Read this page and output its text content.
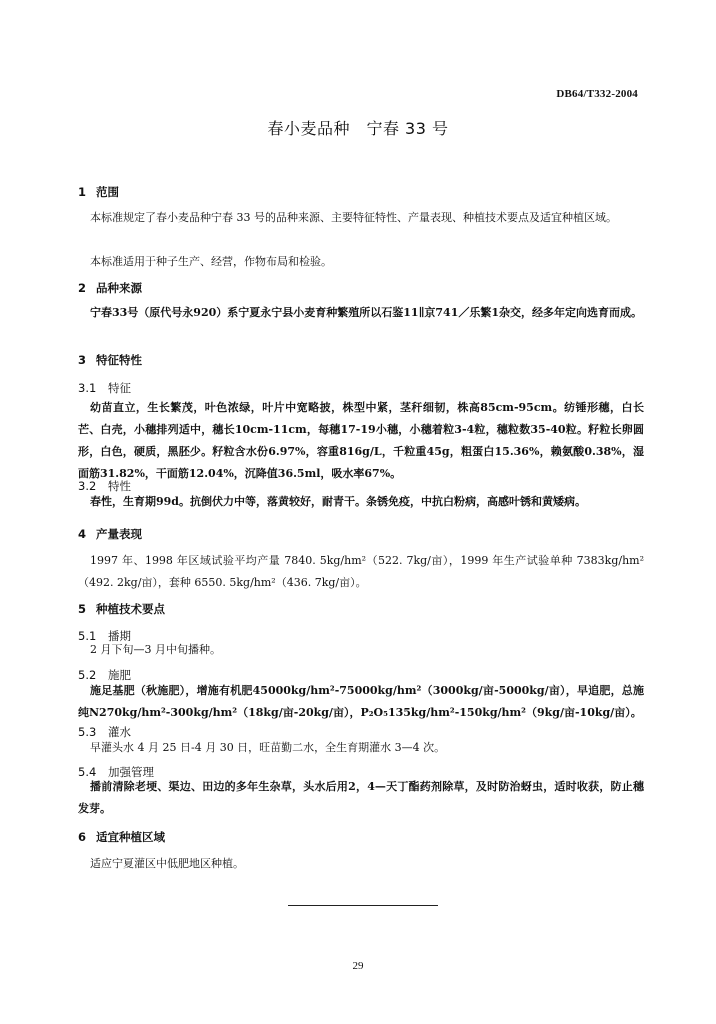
DB64/T332-2004
春小麦品种　宁春 33 号
1 范围
本标准规定了春小麦品种宁春 33 号的品种来源、主要特征特性、产量表现、种植技术要点及适宜种植区域。
本标准适用于种子生产、经营，作物布局和检验。
2 品种来源
宁春33号（原代号永920）系宁夏永宁县小麦育种繁殖所以石鉴11∥京741／乐繁1杂交，经多年定向选育而成。
3 特征特性
3.1 特征
幼苗直立，生长繁茂，叶色浓绿，叶片中宽略披，株型中紧，茎秆细韧，株高85cm-95cm。纺锤形穗，白长芒、白壳，小穗排列适中，穗长10cm-11cm，每穗17-19小穗，小穗着粒3-4粒，穗粒数35-40粒。籽粒长卵圆形，白色，硬质，黑胚少。籽粒含水份6.97%，容重816g/L，千粒重45g，粗蛋白15.36%，赖氨酸0.38%，湿面筋31.82%，干面筋12.04%，沉降值36.5ml，吸水率67%。
3.2 特性
春性，生育期99d。抗倒伏力中等，落黄较好，耐青干。条锈免疫，中抗白粉病，高感叶锈和黄矮病。
4 产量表现
1997 年、1998 年区域试验平均产量 7840. 5kg/hm²（522. 7kg/亩），1999 年生产试验单种 7383kg/hm²（492. 2kg/亩），套种 6550. 5kg/hm²（436. 7kg/亩）。
5 种植技术要点
5.1 播期
2 月下旬—3 月中旬播种。
5.2 施肥
施足基肥（秋施肥），增施有机肥45000kg/hm²-75000kg/hm²（3000kg/亩-5000kg/亩），早追肥，总施纯N270kg/hm²-300kg/hm²（18kg/亩-20kg/亩），P₂O₅135kg/hm²-150kg/hm²（9kg/亩-10kg/亩）。
5.3 灌水
早灌头水 4 月 25 日-4 月 30 日，旺苗勤二水，全生育期灌水 3—4 次。
5.4 加强管理
播前清除老埂、渠边、田边的多年生杂草，头水后用2，4—天丁酯药剂除草，及时防治蚜虫，适时收获，防止穗发芽。
6 适宜种植区域
适应宁夏灌区中低肥地区种植。
29
